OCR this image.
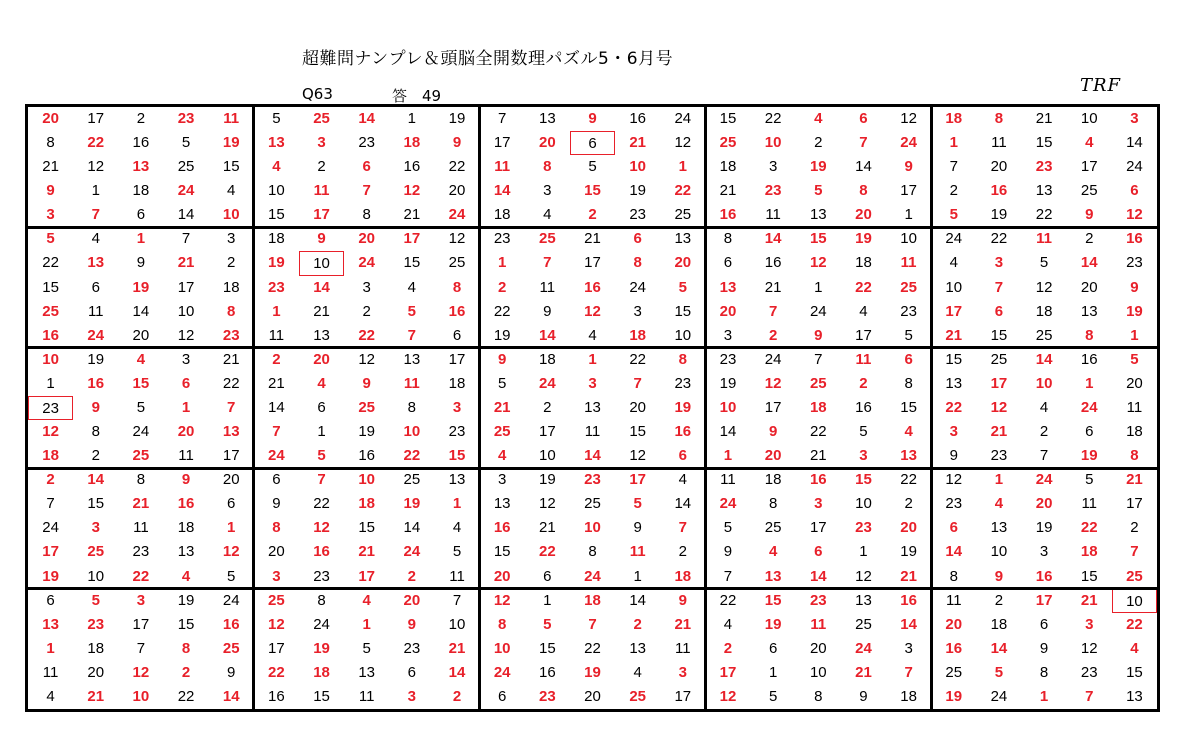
超難問ナンプレ＆頭脳全開数理パズル5・6月号
Q63	答　49	TRF
20	17	2	23	11	5	25	14	1	19	7	13	9	16	24	15	22	4	6	12	18	8	21	10	3
8	22	16	5	19	13	3	23	18	9	17	20	6	21	12	25	10	2	7	24	1	11	15	4	14
21	12	13	25	15	4	2	6	16	22	11	8	5	10	1	18	3	19	14	9	7	20	23	17	24
9	1	18	24	4	10	11	7	12	20	14	3	15	19	22	21	23	5	8	17	2	16	13	25	6
3	7	6	14	10	15	17	8	21	24	18	4	2	23	25	16	11	13	20	1	5	19	22	9	12
5	4	1	7	3	18	9	20	17	12	23	25	21	6	13	8	14	15	19	10	24	22	11	2	16
22	13	9	21	2	19	10	24	15	25	1	7	17	8	20	6	16	12	18	11	4	3	5	14	23
15	6	19	17	18	23	14	3	4	8	2	11	16	24	5	13	21	1	22	25	10	7	12	20	9
25	11	14	10	8	1	21	2	5	16	22	9	12	3	15	20	7	24	4	23	17	6	18	13	19
16	24	20	12	23	11	13	22	7	6	19	14	4	18	10	3	2	9	17	5	21	15	25	8	1
10	19	4	3	21	2	20	12	13	17	9	18	1	22	8	23	24	7	11	6	15	25	14	16	5
1	16	15	6	22	21	4	9	11	18	5	24	3	7	23	19	12	25	2	8	13	17	10	1	20
23	9	5	1	7	14	6	25	8	3	21	2	13	20	19	10	17	18	16	15	22	12	4	24	11
12	8	24	20	13	7	1	19	10	23	25	17	11	15	16	14	9	22	5	4	3	21	2	6	18
18	2	25	11	17	24	5	16	22	15	4	10	14	12	6	1	20	21	3	13	9	23	7	19	8
2	14	8	9	20	6	7	10	25	13	3	19	23	17	4	11	18	16	15	22	12	1	24	5	21
7	15	21	16	6	9	22	18	19	1	13	12	25	5	14	24	8	3	10	2	23	4	20	11	17
24	3	11	18	1	8	12	15	14	4	16	21	10	9	7	5	25	17	23	20	6	13	19	22	2
17	25	23	13	12	20	16	21	24	5	15	22	8	11	2	9	4	6	1	19	14	10	3	18	7
19	10	22	4	5	3	23	17	2	11	20	6	24	1	18	7	13	14	12	21	8	9	16	15	25
6	5	3	19	24	25	8	4	20	7	12	1	18	14	9	22	15	23	13	16	11	2	17	21	10
13	23	17	15	16	12	24	1	9	10	8	5	7	2	21	4	19	11	25	14	20	18	6	3	22
1	18	7	8	25	17	19	5	23	21	10	15	22	13	11	2	6	20	24	3	16	14	9	12	4
11	20	12	2	9	22	18	13	6	14	24	16	19	4	3	17	1	10	21	7	25	5	8	23	15
4	21	10	22	14	16	15	11	3	2	6	23	20	25	17	12	5	8	9	18	19	24	1	7	13
